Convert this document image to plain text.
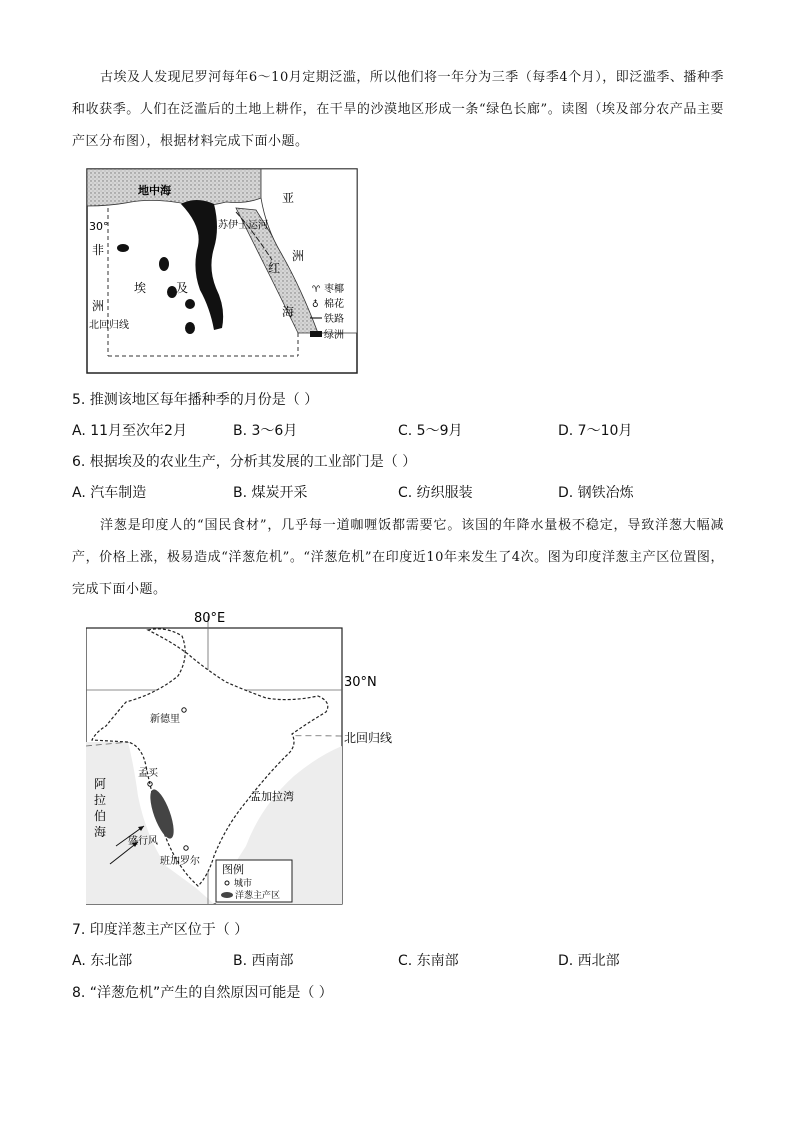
古埃及人发现尼罗河每年6～10月定期泛滥，所以他们将一年分为三季（每季4个月），即泛滥季、播种季和收获季。人们在泛滥后的土地上耕作，在干旱的沙漠地区形成一条“绿色长廊”。读图（埃及部分农产品主要产区分布图），根据材料完成下面小题。
地中海
30°
非
洲
北回归线
埃 及
苏伊士运河
亚
洲
红
海
♈ 枣椰
♁ 棉花
铁路
绿洲
5. 推测该地区每年播种季的月份是（ ）
A. 11月至次年2月	B. 3～6月	C. 5～9月	D. 7～10月
6. 根据埃及的农业生产，分析其发展的工业部门是（ ）
A. 汽车制造	B. 煤炭开采	C. 纺织服装	D. 钢铁冶炼
洋葱是印度人的“国民食材”，几乎每一道咖喱饭都需要它。该国的年降水量极不稳定，导致洋葱大幅减产，价格上涨，极易造成“洋葱危机”。“洋葱危机”在印度近10年来发生了4次。图为印度洋葱主产区位置图，完成下面小题。
80°E
30°N
新德里
北回归线
孟买
阿
拉
伯
海
孟加拉湾
盛行风
班加罗尔
图例
城市
洋葱主产区
7. 印度洋葱主产区位于（ ）
A. 东北部	B. 西南部	C. 东南部	D. 西北部
8. “洋葱危机”产生的自然原因可能是（ ）
